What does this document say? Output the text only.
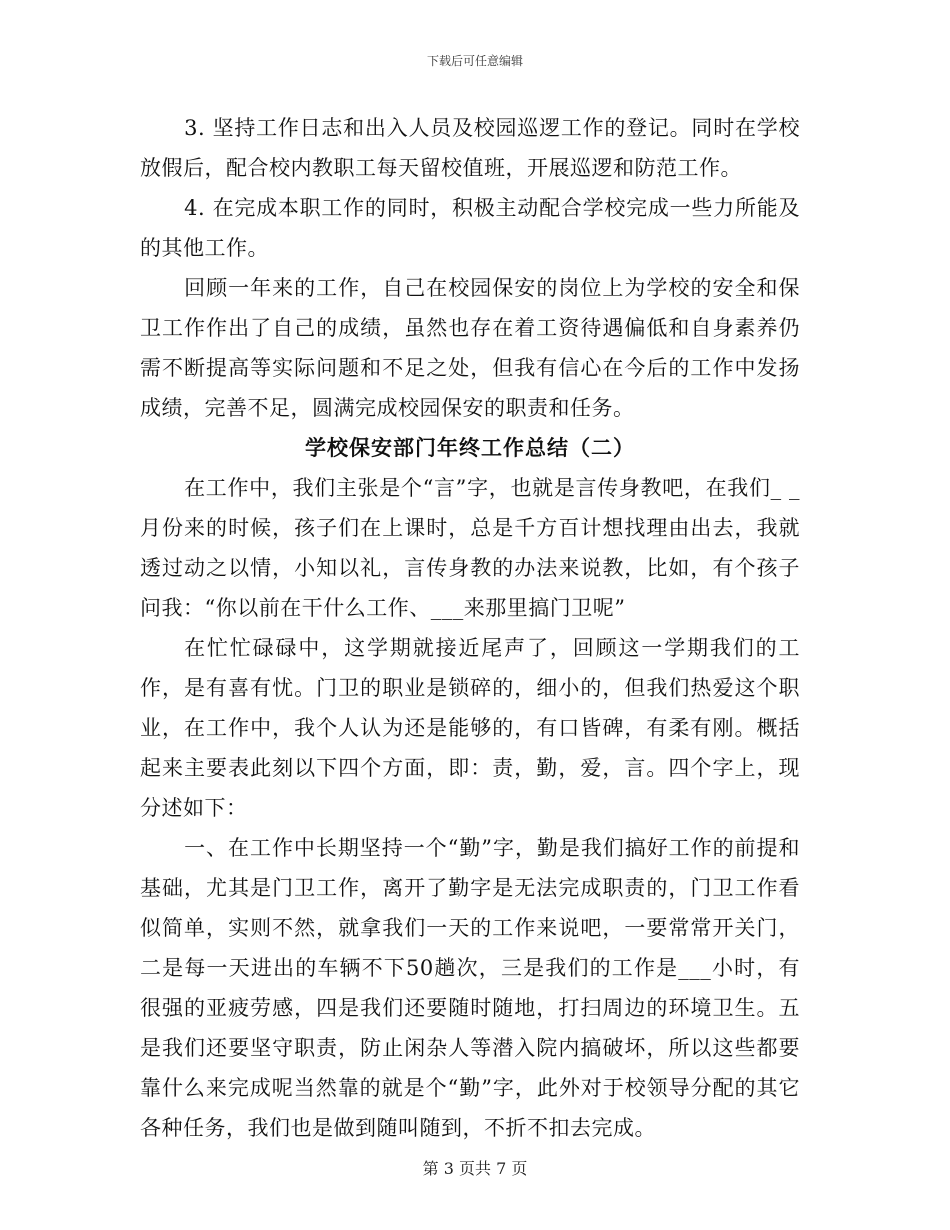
下载后可任意编辑

3. 坚持工作日志和出入人员及校园巡逻工作的登记。同时在学校放假后，配合校内教职工每天留校值班，开展巡逻和防范工作。

4. 在完成本职工作的同时，积极主动配合学校完成一些力所能及的其他工作。

回顾一年来的工作，自己在校园保安的岗位上为学校的安全和保卫工作作出了自己的成绩，虽然也存在着工资待遇偏低和自身素养仍需不断提高等实际问题和不足之处，但我有信心在今后的工作中发扬成绩，完善不足，圆满完成校园保安的职责和任务。

学校保安部门年终工作总结（二）

在工作中，我们主张是个“言”字，也就是言传身教吧，在我们_ _月份来的时候，孩子们在上课时，总是千方百计想找理由出去，我就透过动之以情，小知以礼，言传身教的办法来说教，比如，有个孩子问我：“你以前在干什么工作、___来那里搞门卫呢”

在忙忙碌碌中，这学期就接近尾声了，回顾这一学期我们的工作，是有喜有忧。门卫的职业是锁碎的，细小的，但我们热爱这个职业，在工作中，我个人认为还是能够的，有口皆碑，有柔有刚。概括起来主要表此刻以下四个方面，即：责，勤，爱，言。四个字上，现分述如下：

一、在工作中长期坚持一个“勤”字，勤是我们搞好工作的前提和基础，尤其是门卫工作，离开了勤字是无法完成职责的，门卫工作看似简单，实则不然，就拿我们一天的工作来说吧，一要常常开关门，二是每一天进出的车辆不下50趟次，三是我们的工作是___小时，有很强的亚疲劳感，四是我们还要随时随地，打扫周边的环境卫生。五是我们还要坚守职责，防止闲杂人等潜入院内搞破坏，所以这些都要靠什么来完成呢当然靠的就是个“勤”字，此外对于校领导分配的其它各种任务，我们也是做到随叫随到，不折不扣去完成。

第 3 页共 7 页
